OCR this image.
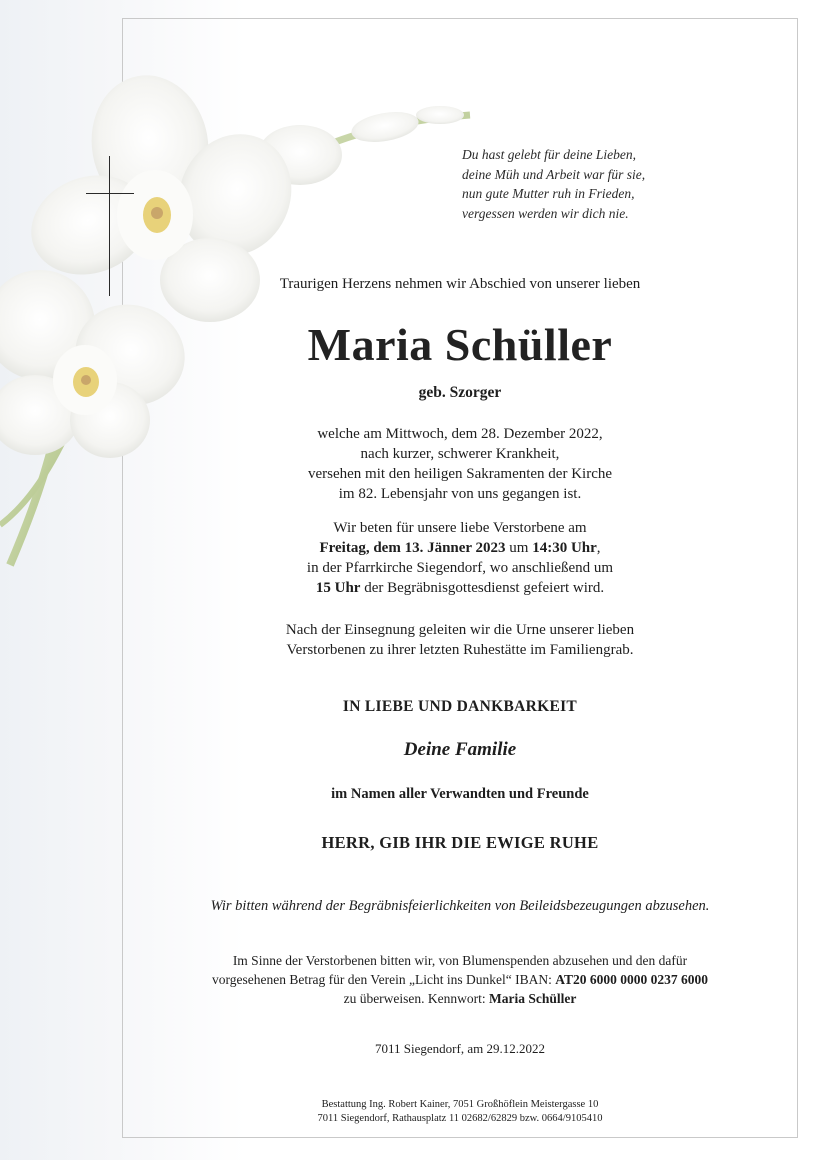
Du hast gelebt für deine Lieben,
deine Müh und Arbeit war für sie,
nun gute Mutter ruh in Frieden,
vergessen werden wir dich nie.
Traurigen Herzens nehmen wir Abschied von unserer lieben
Maria Schüller
geb. Szorger
welche am Mittwoch, dem 28. Dezember 2022,
nach kurzer, schwerer Krankheit,
versehen mit den heiligen Sakramenten der Kirche
im 82. Lebensjahr von uns gegangen ist.
Wir beten für unsere liebe Verstorbene am
Freitag, dem 13. Jänner 2023 um 14:30 Uhr,
in der Pfarrkirche Siegendorf, wo anschließend um
15 Uhr der Begräbnisgottesdienst gefeiert wird.
Nach der Einsegnung geleiten wir die Urne unserer lieben
Verstorbenen zu ihrer letzten Ruhestätte im Familiengrab.
IN LIEBE UND DANKBARKEIT
Deine Familie
im Namen aller Verwandten und Freunde
HERR, GIB IHR DIE EWIGE RUHE
Wir bitten während der Begräbnisfeierlichkeiten von Beileidsbezeugungen abzusehen.
Im Sinne der Verstorbenen bitten wir, von Blumenspenden abzusehen und den dafür
vorgesehenen Betrag für den Verein „Licht ins Dunkel“ IBAN: AT20 6000 0000 0237 6000
zu überweisen. Kennwort: Maria Schüller
7011 Siegendorf, am 29.12.2022
Bestattung Ing. Robert Kainer, 7051 Großhöflein Meistergasse 10
7011 Siegendorf, Rathausplatz 11 02682/62829 bzw. 0664/9105410
